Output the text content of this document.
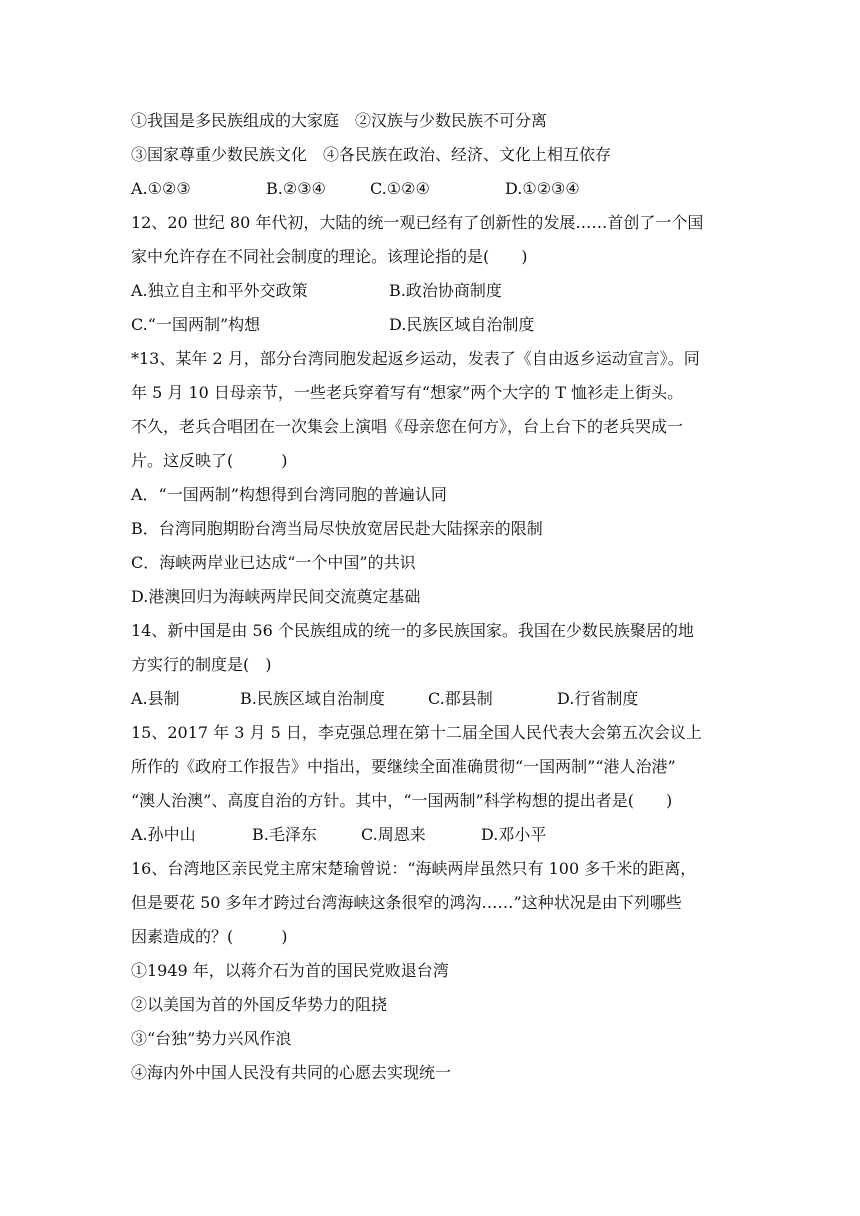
①我国是多民族组成的大家庭　②汉族与少数民族不可分离
③国家尊重少数民族文化　④各民族在政治、经济、文化上相互依存
A.①②③	B.②③④	C.①②④	D.①②③④
12、20 世纪 80 年代初，大陆的统一观已经有了创新性的发展……首创了一个国
家中允许存在不同社会制度的理论。该理论指的是(　　)
A.独立自主和平外交政策	B.政治协商制度
C.“一国两制”构想	D.民族区域自治制度
*13、某年 2 月，部分台湾同胞发起返乡运动，发表了《自由返乡运动宣言》。同
年 5 月 10 日母亲节，一些老兵穿着写有“想家”两个大字的 T 恤衫走上街头。
不久，老兵合唱团在一次集会上演唱《母亲您在何方》，台上台下的老兵哭成一
片。这反映了(　　　)
A．“一国两制”构想得到台湾同胞的普遍认同
B．台湾同胞期盼台湾当局尽快放宽居民赴大陆探亲的限制
C．海峡两岸业已达成“一个中国”的共识
D.港澳回归为海峡两岸民间交流奠定基础
14、新中国是由 56 个民族组成的统一的多民族国家。我国在少数民族聚居的地
方实行的制度是(　)
A.县制	B.民族区域自治制度	C.郡县制	D.行省制度
15、2017 年 3 月 5 日，李克强总理在第十二届全国人民代表大会第五次会议上
所作的《政府工作报告》中指出，要继续全面准确贯彻“一国两制”“港人治港”
“澳人治澳”、高度自治的方针。其中，“一国两制”科学构想的提出者是(　　)
A.孙中山	B.毛泽东	C.周恩来	D.邓小平
16、台湾地区亲民党主席宋楚瑜曾说：“海峡两岸虽然只有 100 多千米的距离，
但是要花 50 多年才跨过台湾海峡这条很窄的鸿沟……”这种状况是由下列哪些
因素造成的？(　　　)
①1949 年，以蒋介石为首的国民党败退台湾
②以美国为首的外国反华势力的阻挠
③“台独”势力兴风作浪
④海内外中国人民没有共同的心愿去实现统一
